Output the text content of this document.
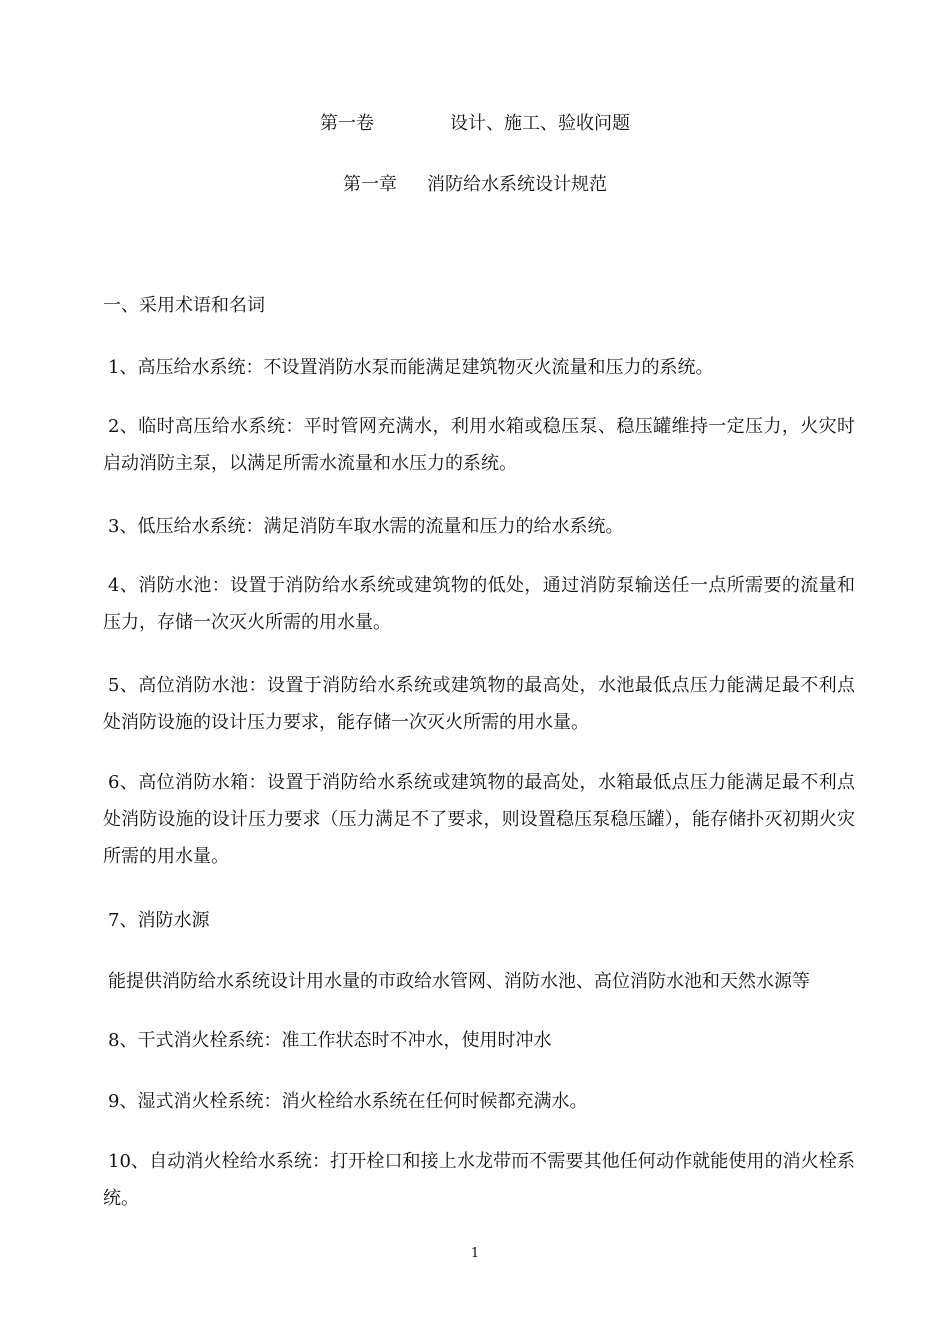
第一卷	设计、施工、验收问题
第一章 消防给水系统设计规范

一、采用术语和名词

1、高压给水系统：不设置消防水泵而能满足建筑物灭火流量和压力的系统。

2、临时高压给水系统：平时管网充满水，利用水箱或稳压泵、稳压罐维持一定压力，火灾时启动消防主泵，以满足所需水流量和水压力的系统。

3、低压给水系统：满足消防车取水需的流量和压力的给水系统。

4、消防水池：设置于消防给水系统或建筑物的低处，通过消防泵输送任一点所需要的流量和压力，存储一次灭火所需的用水量。

5、高位消防水池：设置于消防给水系统或建筑物的最高处，水池最低点压力能满足最不利点处消防设施的设计压力要求，能存储一次灭火所需的用水量。

6、高位消防水箱：设置于消防给水系统或建筑物的最高处，水箱最低点压力能满足最不利点处消防设施的设计压力要求（压力满足不了要求，则设置稳压泵稳压罐），能存储扑灭初期火灾所需的用水量。

7、消防水源

能提供消防给水系统设计用水量的市政给水管网、消防水池、高位消防水池和天然水源等

8、干式消火栓系统：准工作状态时不冲水，使用时冲水

9、湿式消火栓系统：消火栓给水系统在任何时候都充满水。

10、自动消火栓给水系统：打开栓口和接上水龙带而不需要其他任何动作就能使用的消火栓系统。

1
